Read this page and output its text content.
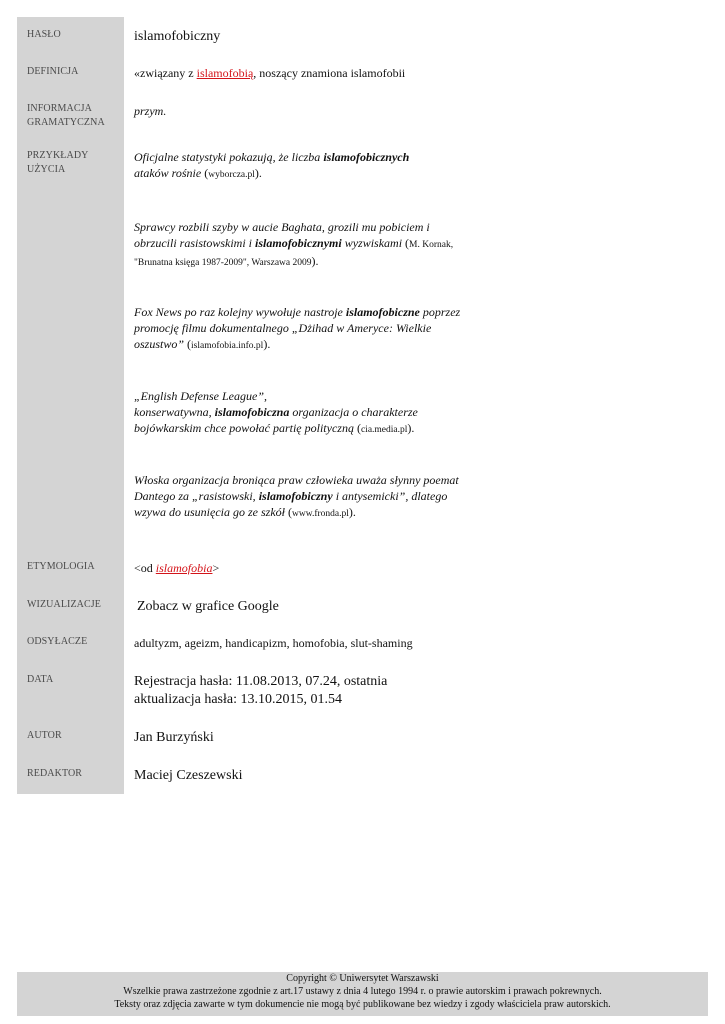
HASŁO
DEFINICJA
INFORMACJA
GRAMATYCZNA
PRZYKŁADY
UŻYCIA
ETYMOLOGIA
WIZUALIZACJE
ODSYŁACZE
DATA
AUTOR
REDAKTOR
islamofobiczny
«związany z islamofobią, noszący znamiona islamofobii
przym.
Oficjalne statystyki pokazują, że liczba islamofobicznych
ataków rośnie (wyborcza.pl).
Sprawcy rozbili szyby w aucie Baghata, grozili mu pobiciem i
obrzucili rasistowskimi i islamofobicznymi wyzwiskami (M. Kornak,
"Brunatna księga 1987-2009", Warszawa 2009).
Fox News po raz kolejny wywołuje nastroje islamofobiczne poprzez
promocję filmu dokumentalnego „Dżihad w Ameryce: Wielkie
oszustwo” (islamofobia.info.pl).
„English Defense League”,
konserwatywna, islamofobiczna organizacja o charakterze
bojówkarskim chce powołać partię polityczną (cia.media.pl).
Włoska organizacja broniąca praw człowieka uważa słynny poemat
Dantego za „rasistowski, islamofobiczny i antysemicki”, dlatego
wzywa do usunięcia go ze szkół (www.fronda.pl).
<od islamofobia>
Zobacz w grafice Google
adultyzm, ageizm, handicapizm, homofobia, slut-shaming
Rejestracja hasła: 11.08.2013, 07.24, ostatnia
aktualizacja hasła: 13.10.2015, 01.54
Jan Burzyński
Maciej Czeszewski
Copyright © Uniwersytet Warszawski
Wszelkie prawa zastrzeżone zgodnie z art.17 ustawy z dnia 4 lutego 1994 r. o prawie autorskim i prawach pokrewnych.
Teksty oraz zdjęcia zawarte w tym dokumencie nie mogą być publikowane bez wiedzy i zgody właściciela praw autorskich.
